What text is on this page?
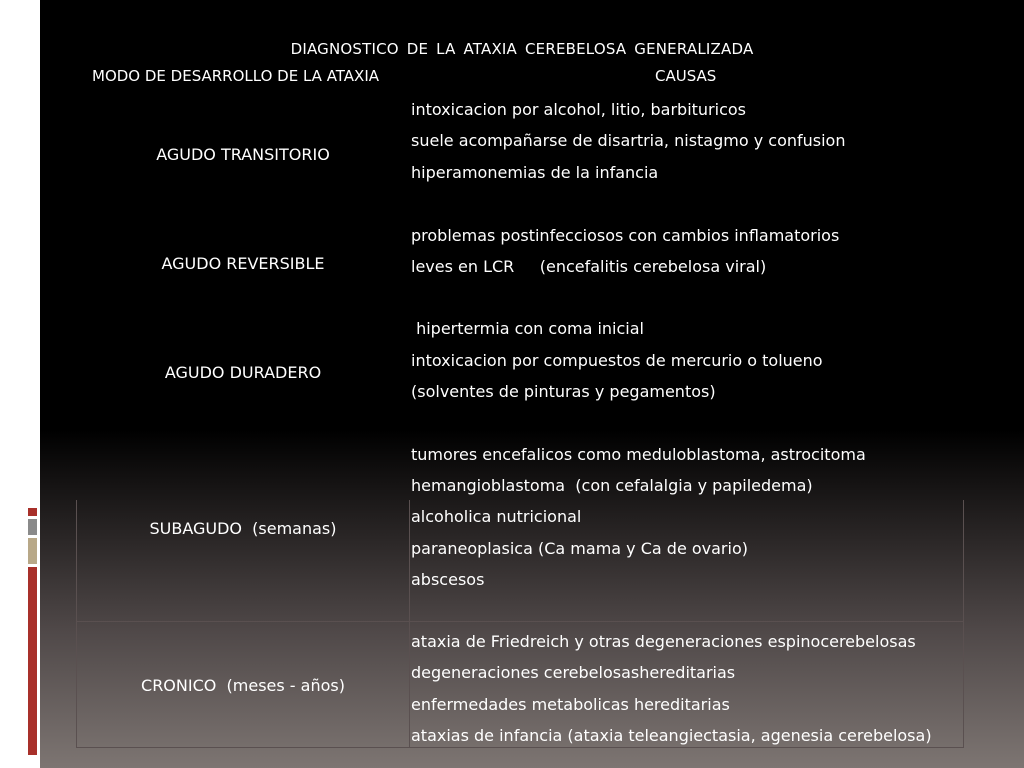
DIAGNOSTICO DE LA ATAXIA CEREBELOSA GENERALIZADA
MODO DE DESARROLLO DE LA ATAXIA	CAUSAS
AGUDO TRANSITORIO
intoxicacion por alcohol, litio, barbituricos
suele acompañarse de disartria, nistagmo y confusion
hiperamonemias de la infancia
AGUDO REVERSIBLE
problemas postinfecciosos con cambios inflamatorios
leves en LCR     (encefalitis cerebelosa viral)
AGUDO DURADERO
hipertermia con coma inicial
intoxicacion por compuestos de mercurio o tolueno
(solventes de pinturas y pegamentos)
SUBAGUDO  (semanas)
tumores encefalicos como meduloblastoma, astrocitoma
hemangioblastoma  (con cefalalgia y papiledema)
alcoholica nutricional
paraneoplasica (Ca mama y Ca de ovario)
abscesos
CRONICO  (meses - años)
ataxia de Friedreich y otras degeneraciones espinocerebelosas
degeneraciones cerebelosashereditarias
enfermedades metabolicas hereditarias
ataxias de infancia (ataxia teleangiectasia, agenesia cerebelosa)
